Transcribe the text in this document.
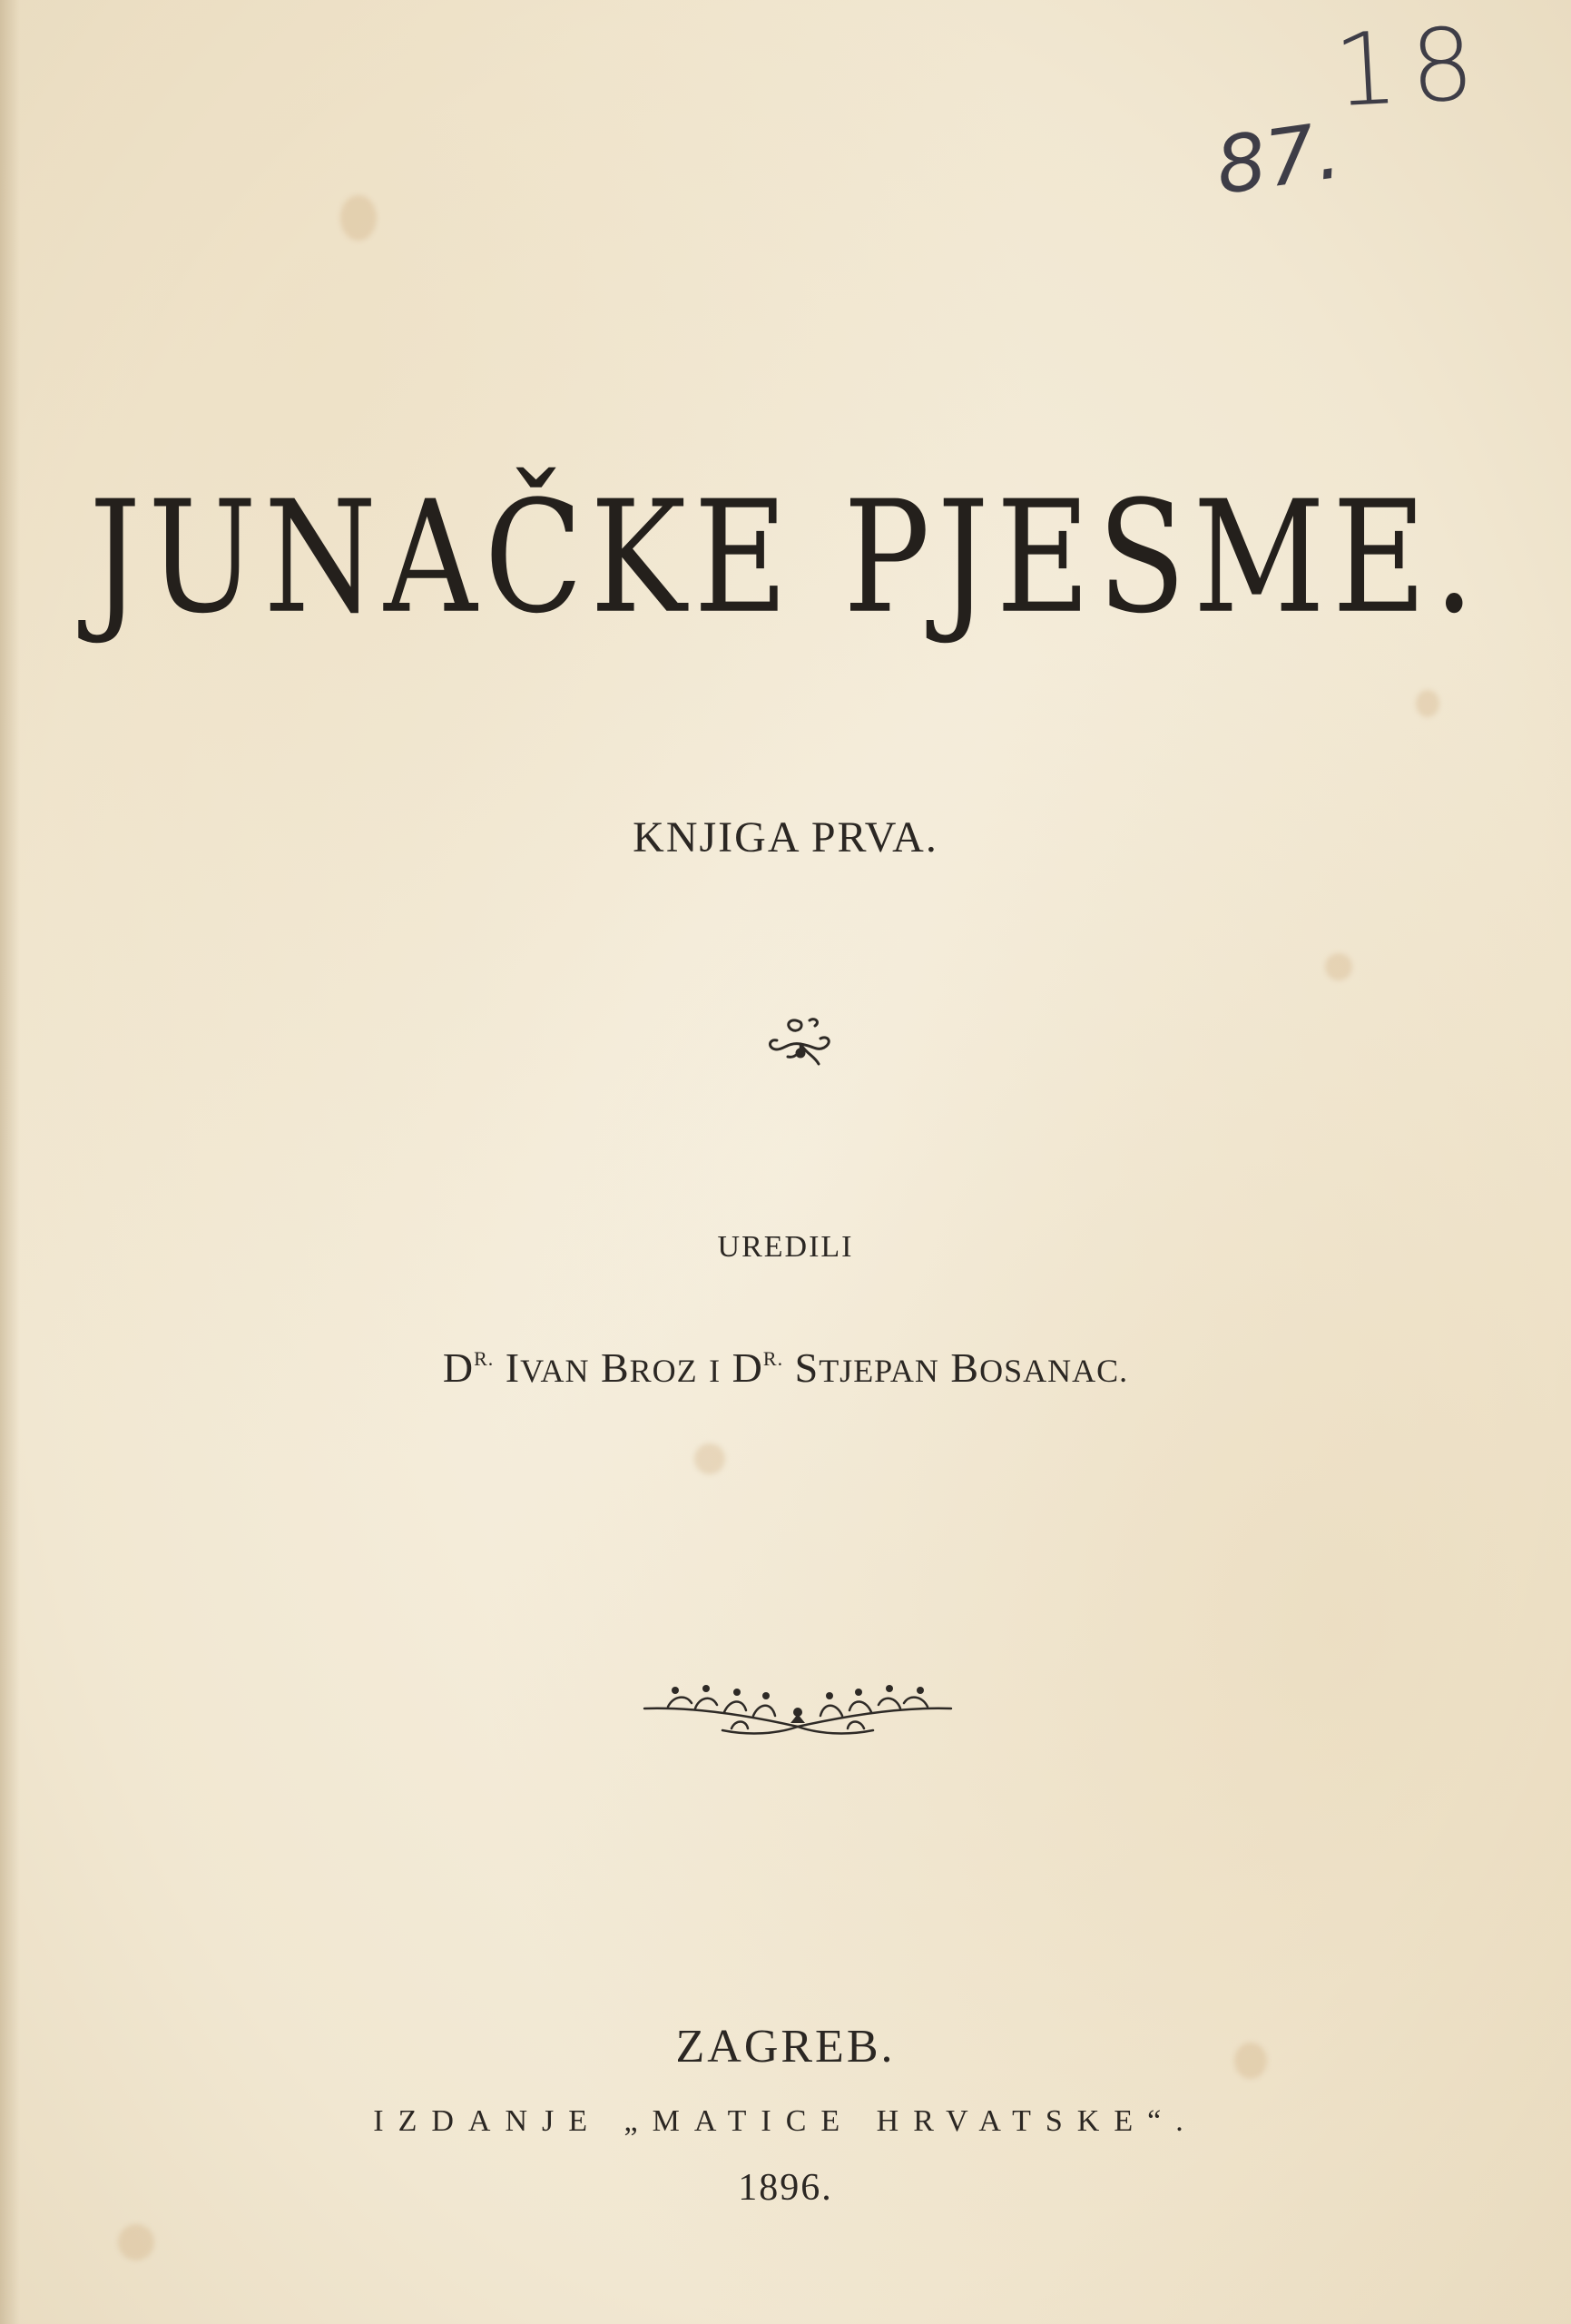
18
87.
JUNAČKE PJESME.
KNJIGA PRVA.
UREDILI
$D^{R.}$ IVAN BROZ I $D^{R.}$ STJEPAN BOSANAC.
ZAGREB.
IZDANJE „MATICE HRVATSKE“.
1896.
